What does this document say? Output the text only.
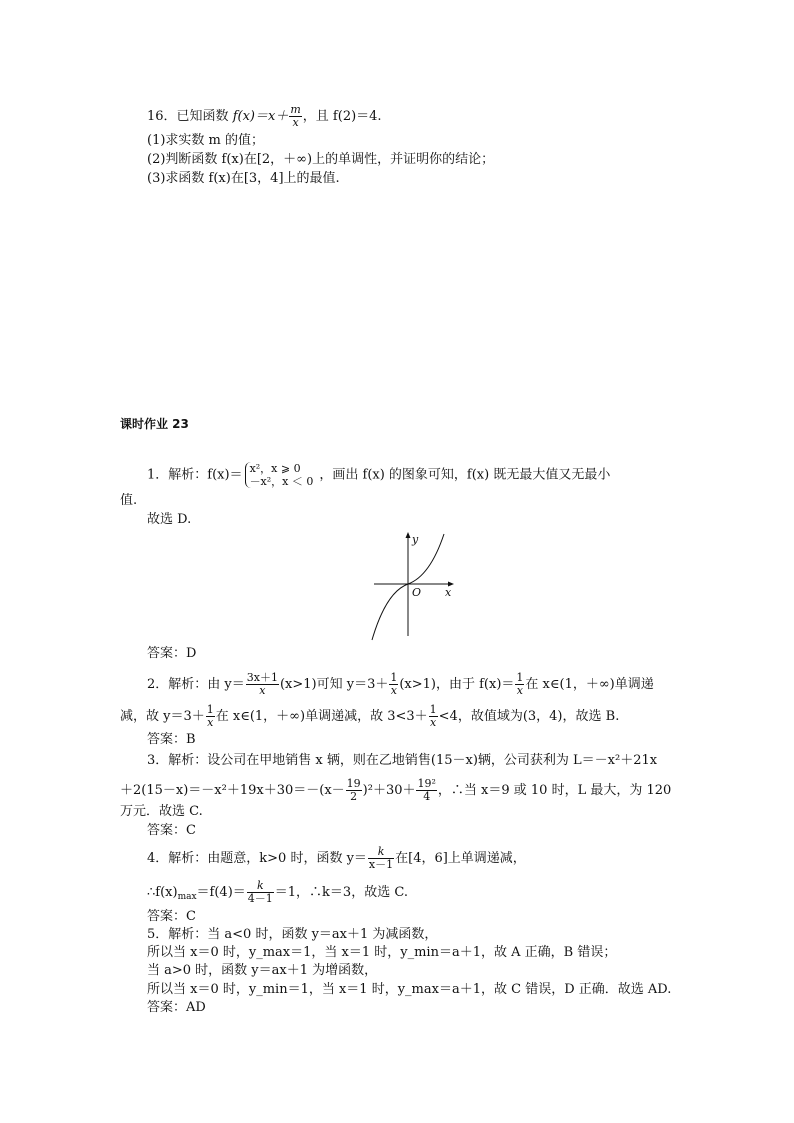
16．已知函数 $f(x)=x+ \frac{m}{x}$ ，且 f(2)＝4.
(1)求实数 m 的值；
(2)判断函数 f(x)在[2，＋∞)上的单调性，并证明你的结论；
(3)求函数 f(x)在[3，4]上的最值.
课时作业 23
1．解析：f(x)＝ x²，x ⩾ 0
－x²，x ＜ 0 ，画出 f(x) 的图象可知，f(x) 既无最大值又无最小
值.
故选 D.
y
x
O
答案：D
2．解析：由 $y= \frac{3x+1}{x} (x>1)$可知 $y=3+ \frac{1}{x} (x>1)$，由于 $f(x)= \frac{1}{x}$ 在 x∈(1，＋∞)单调递
减，故 $y=3+ \frac{1}{x}$ 在 x∈(1，＋∞)单调递减，故 $3<3+ \frac{1}{x} <4$，故值域为(3，4)，故选 B.
答案：B
3．解析：设公司在甲地销售 x 辆，则在乙地销售(15－x)辆，公司获利为 L＝－x²＋21x
$+2(15-x)=-x^2+19x+30=-(x- \frac{19}{2} )^2+30+ \frac{\text{19²}}{4}$ ，∴当 x＝9 或 10 时，L 最大，为 120
万元．故选 C.
答案：C
4．解析：由题意，k>0 时，函数 $y= \frac{k}{x-1}$ 在[4，6]上单调递减，
$\therefore f(x)_{max}=f(4)= \frac{k}{4-1} =1$，∴k＝3，故选 C.
答案：C
5．解析：当 a<0 时，函数 y＝ax＋1 为减函数，
所以当 x＝0 时，y_max＝1，当 x＝1 时，y_min＝a＋1，故 A 正确，B 错误；
当 a>0 时，函数 y＝ax＋1 为增函数，
所以当 x＝0 时，y_min＝1，当 x＝1 时，y_max＝a＋1，故 C 错误，D 正确．故选 AD.
答案：AD
